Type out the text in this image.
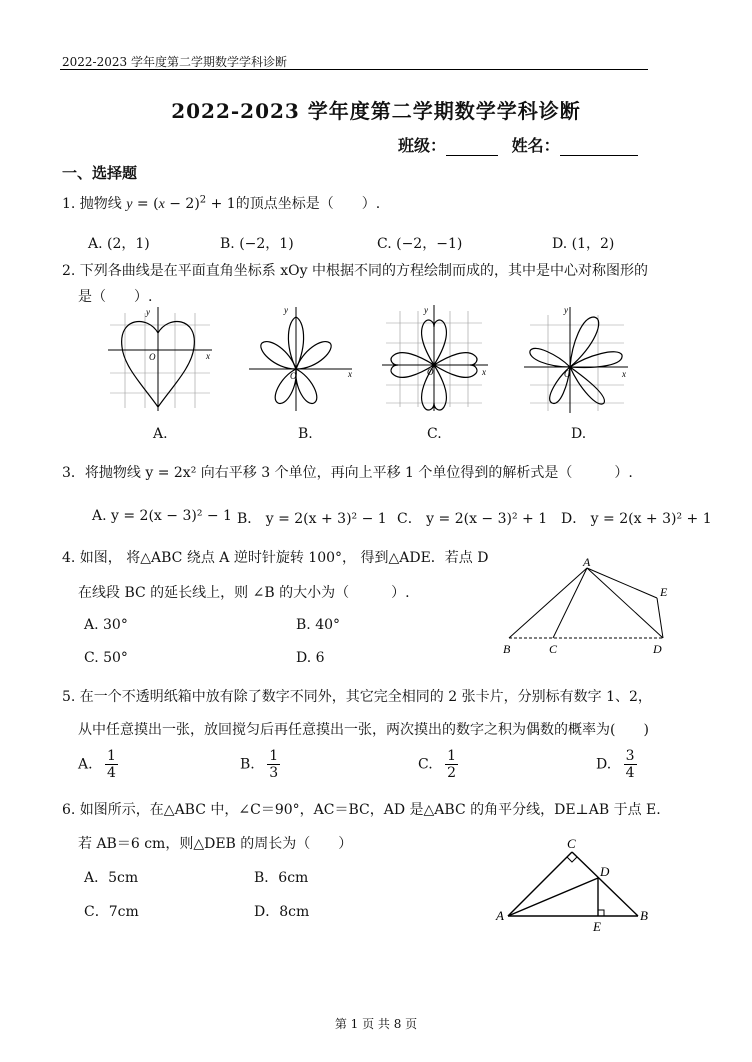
2022-2023 学年度第二学期数学学科诊断
2022-2023 学年度第二学期数学学科诊断
班级：	姓名：
一、选择题
1. 抛物线 $y = (x - 2)^2 + 1$的顶点坐标是（　　）.
A. (2，1)	B. (−2，1)	C. (−2，−1)	D. (1，2)
2. 下列各曲线是在平面直角坐标系 xOy 中根据不同的方程绘制而成的，其中是中心对称图形的
是（　　）.
O	x
y	y
x
O
y
x
O
y
x
O
A.	B.	C.	D.
3．将抛物线 y = 2x² 向右平移 3 个单位，再向上平移 1 个单位得到的解析式是（　　　）.
A. y = 2(x − 3)² − 1 B． y = 2(x + 3)² − 1 C． y = 2(x − 3)² + 1 D． y = 2(x + 3)² + 1
4. 如图， 将△ABC 绕点 A 逆时针旋转 100°， 得到△ADE．若点 D
在线段 BC 的延长线上，则 ∠B 的大小为（　　　）.
A. 30°	B. 40°
C. 50°	D. 6
A
E
B	C	D
5. 在一个不透明纸箱中放有除了数字不同外，其它完全相同的 2 张卡片，分别标有数字 1、2，
从中任意摸出一张，放回搅匀后再任意摸出一张，两次摸出的数字之积为偶数的概率为(　　)
A. $\frac{1}{4}$	B. $\frac{1}{3}$	C. $\frac{1}{2}$	D. $\frac{3}{4}$
6. 如图所示，在△ABC 中，∠C＝90°，AC＝BC，AD 是△ABC 的角平分线，DE⊥AB 于点 E.
若 AB＝6 cm，则△DEB 的周长为（　　）
A．5cm	B．6cm
C．7cm	D．8cm
C
D
A
E
B
第 1 页 共 8 页
